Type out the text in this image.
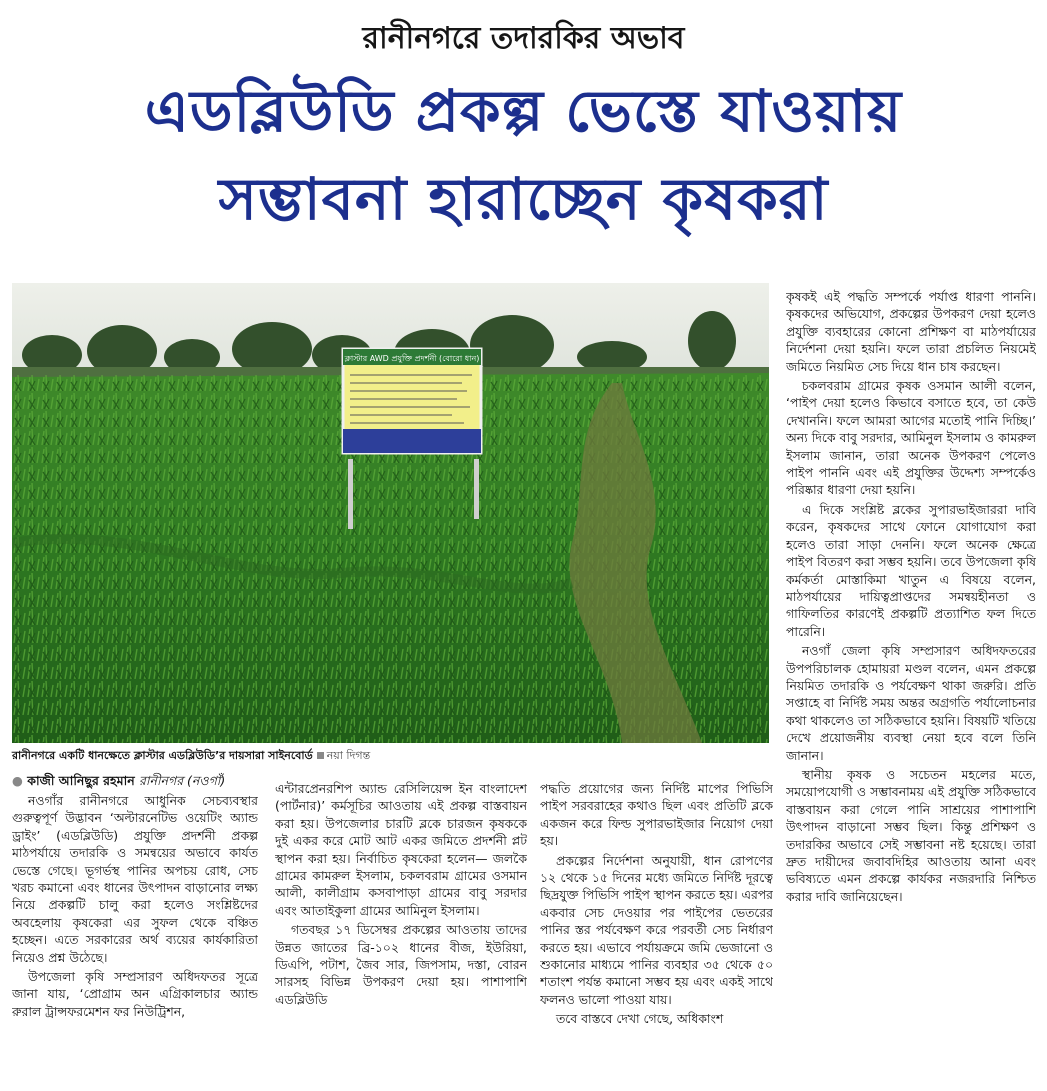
রানীনগরে তদারকির অভাব
এডব্লিউডি প্রকল্প ভেস্তে যাওয়ায়
সম্ভাবনা হারাচ্ছেন কৃষকরা
ক্লাস্টার AWD প্রযুক্তি প্রদর্শনী (বোরো ধান)
রানীনগরে একটি ধানক্ষেতে ক্লাস্টার এডব্লিউডি’র দায়সারা সাইনবোর্ড নয়া দিগন্ত
● কাজী আনিছুর রহমান রানীনগর (নওগাঁ)

নওগাঁর রানীনগরে আধুনিক সেচব্যবস্থার গুরুত্বপূর্ণ উদ্ভাবন ‘অল্টারনেটিভ ওয়েটিং অ্যান্ড ড্রাইং’ (এডব্লিউডি) প্রযুক্তি প্রদর্শনী প্রকল্প মাঠপর্যায়ে তদারকি ও সমন্বয়ের অভাবে কার্যত ভেস্তে গেছে। ভূগর্ভস্থ পানির অপচয় রোধ, সেচ খরচ কমানো এবং ধানের উৎপাদন বাড়ানোর লক্ষ্য নিয়ে প্রকল্পটি চালু করা হলেও সংশ্লিষ্টদের অবহেলায় কৃষকেরা এর সুফল থেকে বঞ্চিত হচ্ছেন। এতে সরকারের অর্থ ব্যয়ের কার্যকারিতা নিয়েও প্রশ্ন উঠেছে।

উপজেলা কৃষি সম্প্রসারণ অধিদফতর সূত্রে জানা যায়, ‘প্রোগ্রাম অন এগ্রিকালচার অ্যান্ড রুরাল ট্রান্সফরমেশন ফর নিউট্রিশন,

এন্টারপ্রেনরশিপ অ্যান্ড রেসিলিয়েন্স ইন বাংলাদেশ (পার্টনার)’ কর্মসূচির আওতায় এই প্রকল্প বাস্তবায়ন করা হয়। উপজেলার চারটি ব্লকে চারজন কৃষককে দুই একর করে মোট আট একর জমিতে প্রদর্শনী প্লট স্থাপন করা হয়। নির্বাচিত কৃষকেরা হলেন— জলকৈ গ্রামের কামরুল ইসলাম, চকলবরাম গ্রামের ওসমান আলী, কালীগ্রাম কসবাপাড়া গ্রামের বাবু সরদার এবং আতাইকুলা গ্রামের আমিনুল ইসলাম।

গতবছর ১৭ ডিসেম্বর প্রকল্পের আওতায় তাদের উন্নত জাতের ব্রি-১০২ ধানের বীজ, ইউরিয়া, ডিএপি, পটাশ, জৈব সার, জিপসাম, দস্তা, বোরন সারসহ বিভিন্ন উপকরণ দেয়া হয়। পাশাপাশি এডব্লিউডি

পদ্ধতি প্রয়োগের জন্য নির্দিষ্ট মাপের পিভিসি পাইপ সরবরাহের কথাও ছিল এবং প্রতিটি ব্লকে একজন করে ফিল্ড সুপারভাইজার নিয়োগ দেয়া হয়।

প্রকল্পের নির্দেশনা অনুযায়ী, ধান রোপণের ১২ থেকে ১৫ দিনের মধ্যে জমিতে নির্দিষ্ট দূরত্বে ছিদ্রযুক্ত পিভিসি পাইপ স্থাপন করতে হয়। এরপর একবার সেচ দেওয়ার পর পাইপের ভেতরের পানির স্তর পর্যবেক্ষণ করে পরবর্তী সেচ নির্ধারণ করতে হয়। এভাবে পর্যায়ক্রমে জমি ভেজানো ও শুকানোর মাধ্যমে পানির ব্যবহার ৩৫ থেকে ৫০ শতাংশ পর্যন্ত কমানো সম্ভব হয় এবং একই সাথে ফলনও ভালো পাওয়া যায়।

তবে বাস্তবে দেখা গেছে, অধিকাংশ

কৃষকই এই পদ্ধতি সম্পর্কে পর্যাপ্ত ধারণা পাননি। কৃষকদের অভিযোগ, প্রকল্পের উপকরণ দেয়া হলেও প্রযুক্তি ব্যবহারের কোনো প্রশিক্ষণ বা মাঠপর্যায়ের নির্দেশনা দেয়া হয়নি। ফলে তারা প্রচলিত নিয়মেই জমিতে নিয়মিত সেচ দিয়ে ধান চাষ করছেন।

চকলবরাম গ্রামের কৃষক ওসমান আলী বলেন, ‘পাইপ দেয়া হলেও কিভাবে বসাতে হবে, তা কেউ দেখাননি। ফলে আমরা আগের মতোই পানি দিচ্ছি।’ অন্য দিকে বাবু সরদার, আমিনুল ইসলাম ও কামরুল ইসলাম জানান, তারা অনেক উপকরণ পেলেও পাইপ পাননি এবং এই প্রযুক্তির উদ্দেশ্য সম্পর্কেও পরিষ্কার ধারণা দেয়া হয়নি।

এ দিকে সংশ্লিষ্ট ব্লকের সুপারভাইজাররা দাবি করেন, কৃষকদের সাথে ফোনে যোগাযোগ করা হলেও তারা সাড়া দেননি। ফলে অনেক ক্ষেত্রে পাইপ বিতরণ করা সম্ভব হয়নি। তবে উপজেলা কৃষি কর্মকর্তা মোস্তাকিমা খাতুন এ বিষয়ে বলেন, মাঠপর্যায়ের দায়িত্বপ্রাপ্তদের সমন্বয়হীনতা ও গাফিলতির কারণেই প্রকল্পটি প্রত্যাশিত ফল দিতে পারেনি।

নওগাঁ জেলা কৃষি সম্প্রসারণ অধিদফতরের উপপরিচালক হোমায়রা মণ্ডল বলেন, এমন প্রকল্পে নিয়মিত তদারকি ও পর্যবেক্ষণ থাকা জরুরি। প্রতি সপ্তাহে বা নির্দিষ্ট সময় অন্তর অগ্রগতি পর্যালোচনার কথা থাকলেও তা সঠিকভাবে হয়নি। বিষয়টি খতিয়ে দেখে প্রয়োজনীয় ব্যবস্থা নেয়া হবে বলে তিনি জানান।

স্থানীয় কৃষক ও সচেতন মহলের মতে, সময়োপযোগী ও সম্ভাবনাময় এই প্রযুক্তি সঠিকভাবে বাস্তবায়ন করা গেলে পানি সাশ্রয়ের পাশাপাশি উৎপাদন বাড়ানো সম্ভব ছিল। কিন্তু প্রশিক্ষণ ও তদারকির অভাবে সেই সম্ভাবনা নষ্ট হয়েছে। তারা দ্রুত দায়ীদের জবাবদিহির আওতায় আনা এবং ভবিষ্যতে এমন প্রকল্পে কার্যকর নজরদারি নিশ্চিত করার দাবি জানিয়েছেন।
